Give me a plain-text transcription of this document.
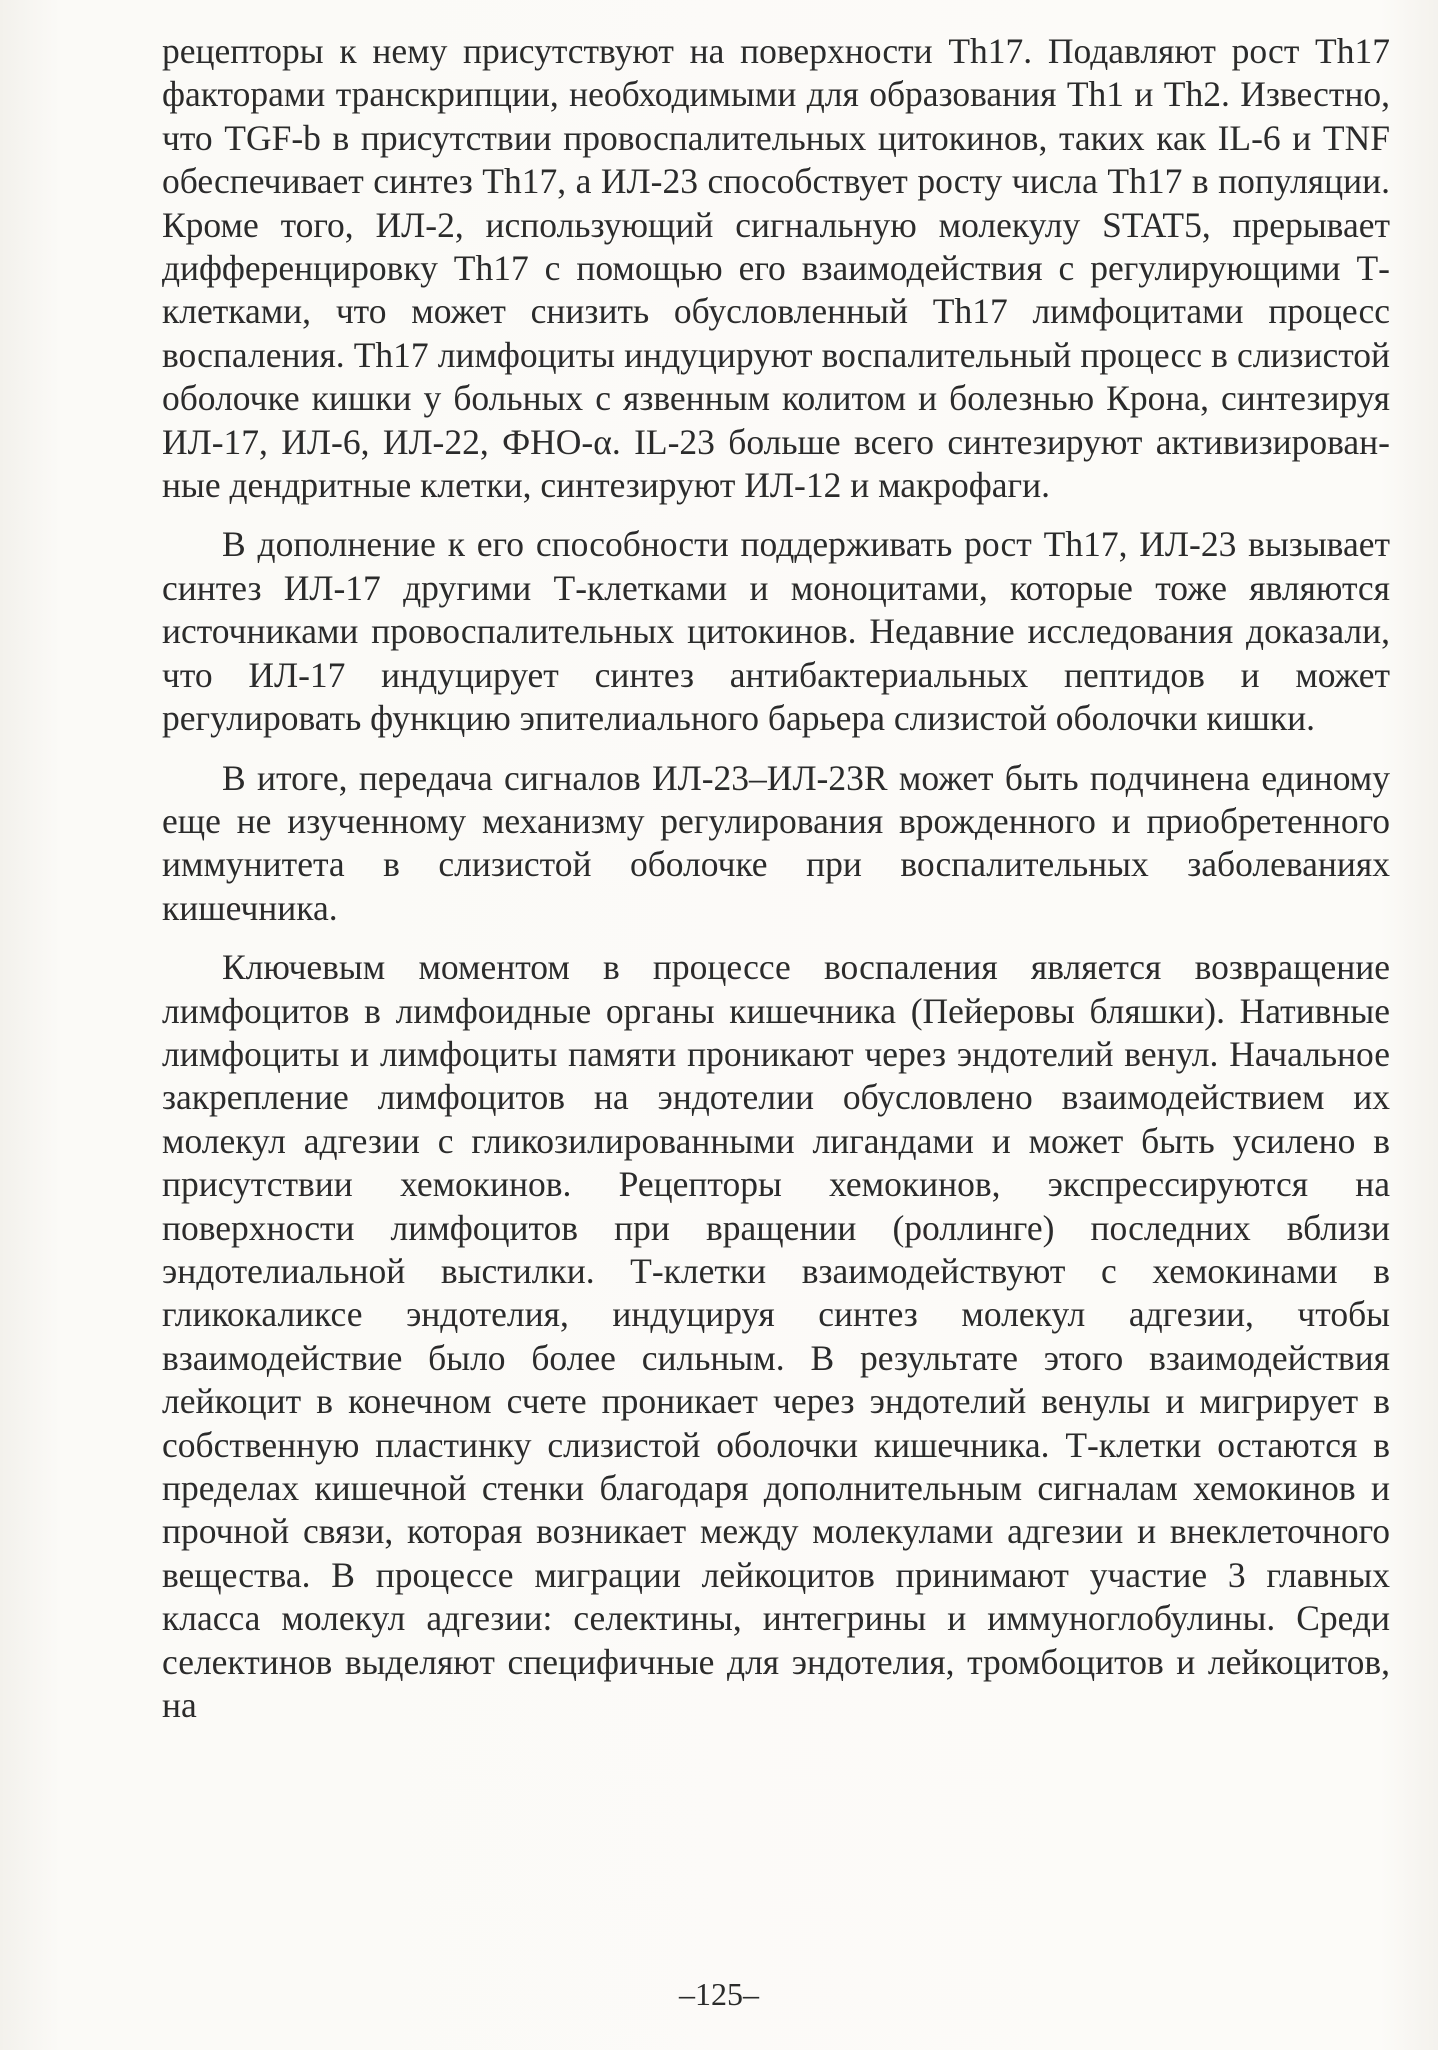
рецепторы к нему присутствуют на поверхности Th17. Подавляют рост Th17 факторами транскрипции, необходимыми для образования Th1 и Th2. Известно, что TGF-b в присутствии провоспалительных цитокинов, таких как IL-6 и TNF обеспечивает синтез Th17, а ИЛ-23 способствует росту числа Th17 в популяции. Кроме того, ИЛ-2, использующий сигнальную молекулу STAT5, прерывает дифференцировку Th17 с помощью его взаимодействия с регулирующими Т-клетками, что может снизить обусловленный Th17 лимфоцитами процесс воспаления. Th17 лимфоциты индуцируют воспалительный процесс в слизистой оболочке кишки у больных с язвенным колитом и болезнью Крона, синтезируя ИЛ-17, ИЛ-6, ИЛ-22, ФНО-α. IL-23 больше всего синтезируют активизированные дендритные клетки, синтезируют ИЛ-12 и макрофаги.

В дополнение к его способности поддерживать рост Th17, ИЛ-23 вызывает синтез ИЛ-17 другими Т-клетками и моноцитами, которые тоже являются источниками провоспалительных цитокинов. Недавние исследования доказали, что ИЛ-17 индуцирует синтез антибактериальных пептидов и может регулировать функцию эпителиального барьера слизистой оболочки кишки.

В итоге, передача сигналов ИЛ-23–ИЛ-23R может быть подчинена единому еще не изученному механизму регулирования врожденного и приобретенного иммунитета в слизистой оболочке при воспалительных заболеваниях кишечника.

Ключевым моментом в процессе воспаления является возвращение лимфоцитов в лимфоидные органы кишечника (Пейеровы бляшки). Нативные лимфоциты и лимфоциты памяти проникают через эндотелий венул. Начальное закрепление лимфоцитов на эндотелии обусловлено взаимодействием их молекул адгезии с гликозилированными лигандами и может быть усилено в присутствии хемокинов. Рецепторы хемокинов, экспрессируются на поверхности лимфоцитов при вращении (роллинге) последних вблизи эндотелиальной выстилки. Т-клетки взаимодействуют с хемокинами в гликокаликсе эндотелия, индуцируя синтез молекул адгезии, чтобы взаимодействие было более сильным. В результате этого взаимодействия лейкоцит в конечном счете проникает через эндотелий венулы и мигрирует в собственную пластинку слизистой оболочки кишечника. Т-клетки остаются в пределах кишечной стенки благодаря дополнительным сигналам хемокинов и прочной связи, которая возникает между молекулами адгезии и внеклеточного вещества. В процессе миграции лейкоцитов принимают участие 3 главных класса молекул адгезии: селектины, интегрины и иммуноглобулины. Среди селектинов выделяют специфичные для эндотелия, тромбоцитов и лейкоцитов, на

–125–
